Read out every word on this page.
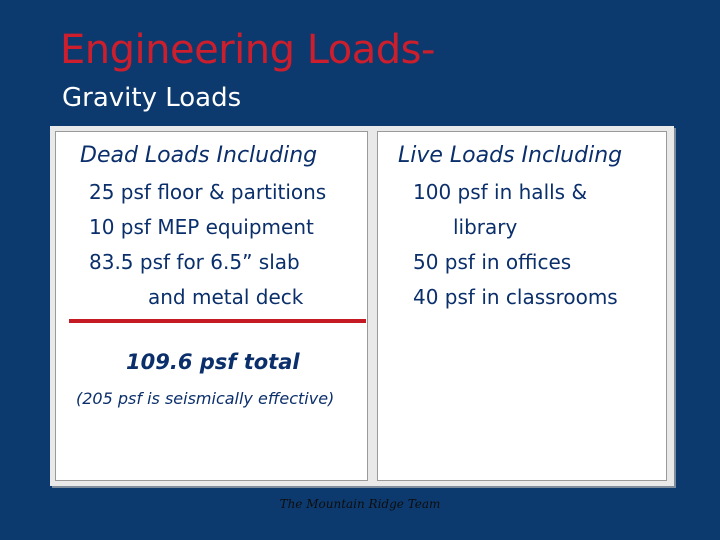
Engineering Loads-
Gravity Loads
Dead Loads Including
25 psf floor & partitions
10 psf MEP equipment
83.5 psf for 6.5” slab
and metal deck
109.6 psf total
(205 psf is seismically effective)
Live Loads Including
100 psf in halls &
library
50 psf in offices
40 psf in classrooms
The Mountain Ridge Team
